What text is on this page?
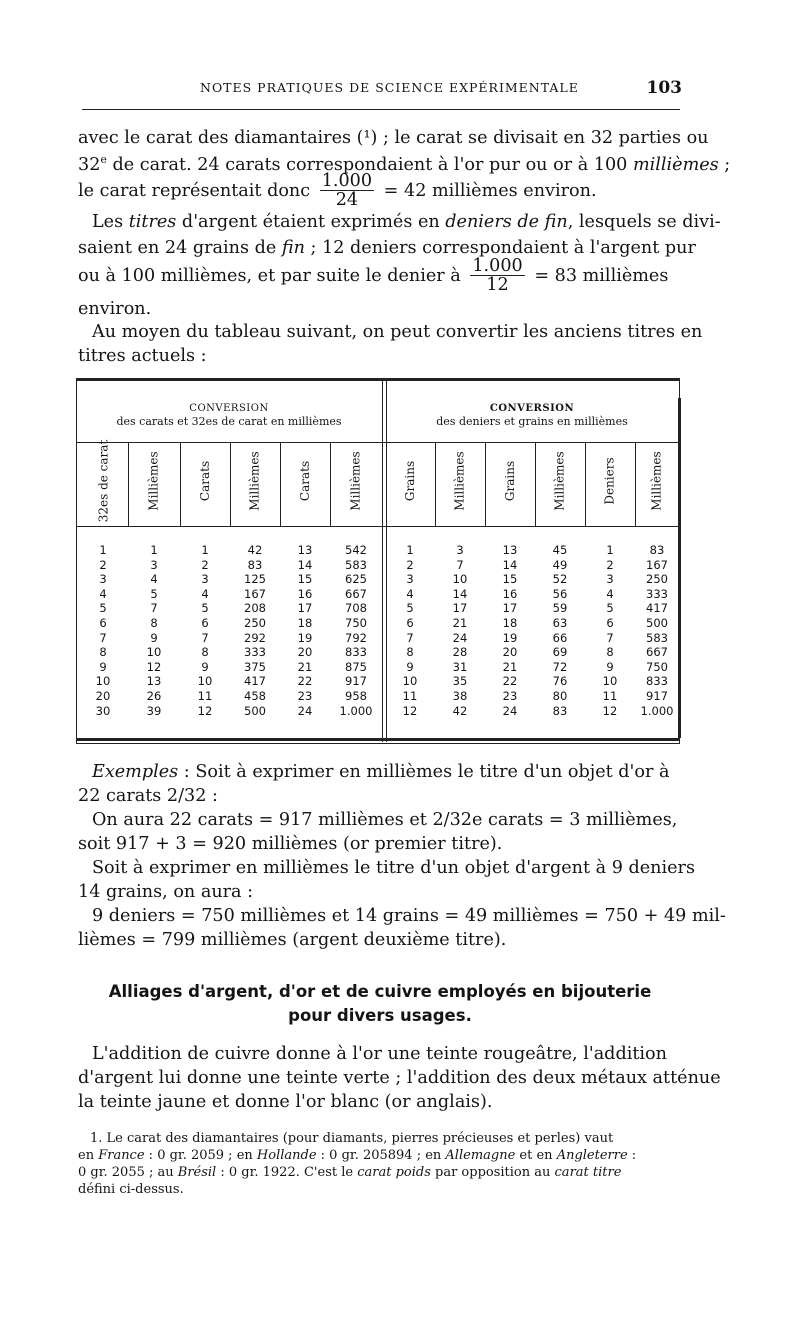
NOTES PRATIQUES DE SCIENCE EXPÉRIMENTALE	103
avec le carat des diamantaires (¹) ; le carat se divisait en 32 parties ou
32e de carat. 24 carats correspondaient à l'or pur ou or à 100 millièmes ;
le carat représentait donc $\frac{1.000}{24} = 42$ millièmes environ.
Les titres d'argent étaient exprimés en deniers de fin, lesquels se divi-
saient en 24 grains de fin ; 12 deniers correspondaient à l'argent pur
ou à 100 millièmes, et par suite le denier à $\frac{1.000}{12} = 83$ millièmes
environ.
Au moyen du tableau suivant, on peut convertir les anciens titres en
titres actuels :
CONVERSION
des carats et 32es de carat en millièmes
CONVERSION
des deniers et grains en millièmes
32es de carat	Millièmes	Carats	Millièmes	Carats	Millièmes	Grains	Millièmes	Grains	Millièmes	Deniers	Millièmes
1	1	1	42	13	542	1	3	13	45	1	83
2	3	2	83	14	583	2	7	14	49	2	167
3	4	3	125	15	625	3	10	15	52	3	250
4	5	4	167	16	667	4	14	16	56	4	333
5	7	5	208	17	708	5	17	17	59	5	417
6	8	6	250	18	750	6	21	18	63	6	500
7	9	7	292	19	792	7	24	19	66	7	583
8	10	8	333	20	833	8	28	20	69	8	667
9	12	9	375	21	875	9	31	21	72	9	750
10	13	10	417	22	917	10	35	22	76	10	833
20	26	11	458	23	958	11	38	23	80	11	917
30	39	12	500	24	1.000	12	42	24	83	12	1.000
Exemples : Soit à exprimer en millièmes le titre d'un objet d'or à
22 carats 2/32 :
On aura 22 carats = 917 millièmes et 2/32e carats = 3 millièmes,
soit 917 + 3 = 920 millièmes (or premier titre).
Soit à exprimer en millièmes le titre d'un objet d'argent à 9 deniers
14 grains, on aura :
9 deniers = 750 millièmes et 14 grains = 49 millièmes = 750 + 49 mil-
lièmes = 799 millièmes (argent deuxième titre).
Alliages d'argent, d'or et de cuivre employés en bijouterie
pour divers usages.
L'addition de cuivre donne à l'or une teinte rougeâtre, l'addition
d'argent lui donne une teinte verte ; l'addition des deux métaux atténue
la teinte jaune et donne l'or blanc (or anglais).
1. Le carat des diamantaires (pour diamants, pierres précieuses et perles) vaut
en France : 0 gr. 2059 ; en Hollande : 0 gr. 205894 ; en Allemagne et en Angleterre :
0 gr. 2055 ; au Brésil : 0 gr. 1922. C'est le carat poids par opposition au carat titre
défini ci-dessus.
